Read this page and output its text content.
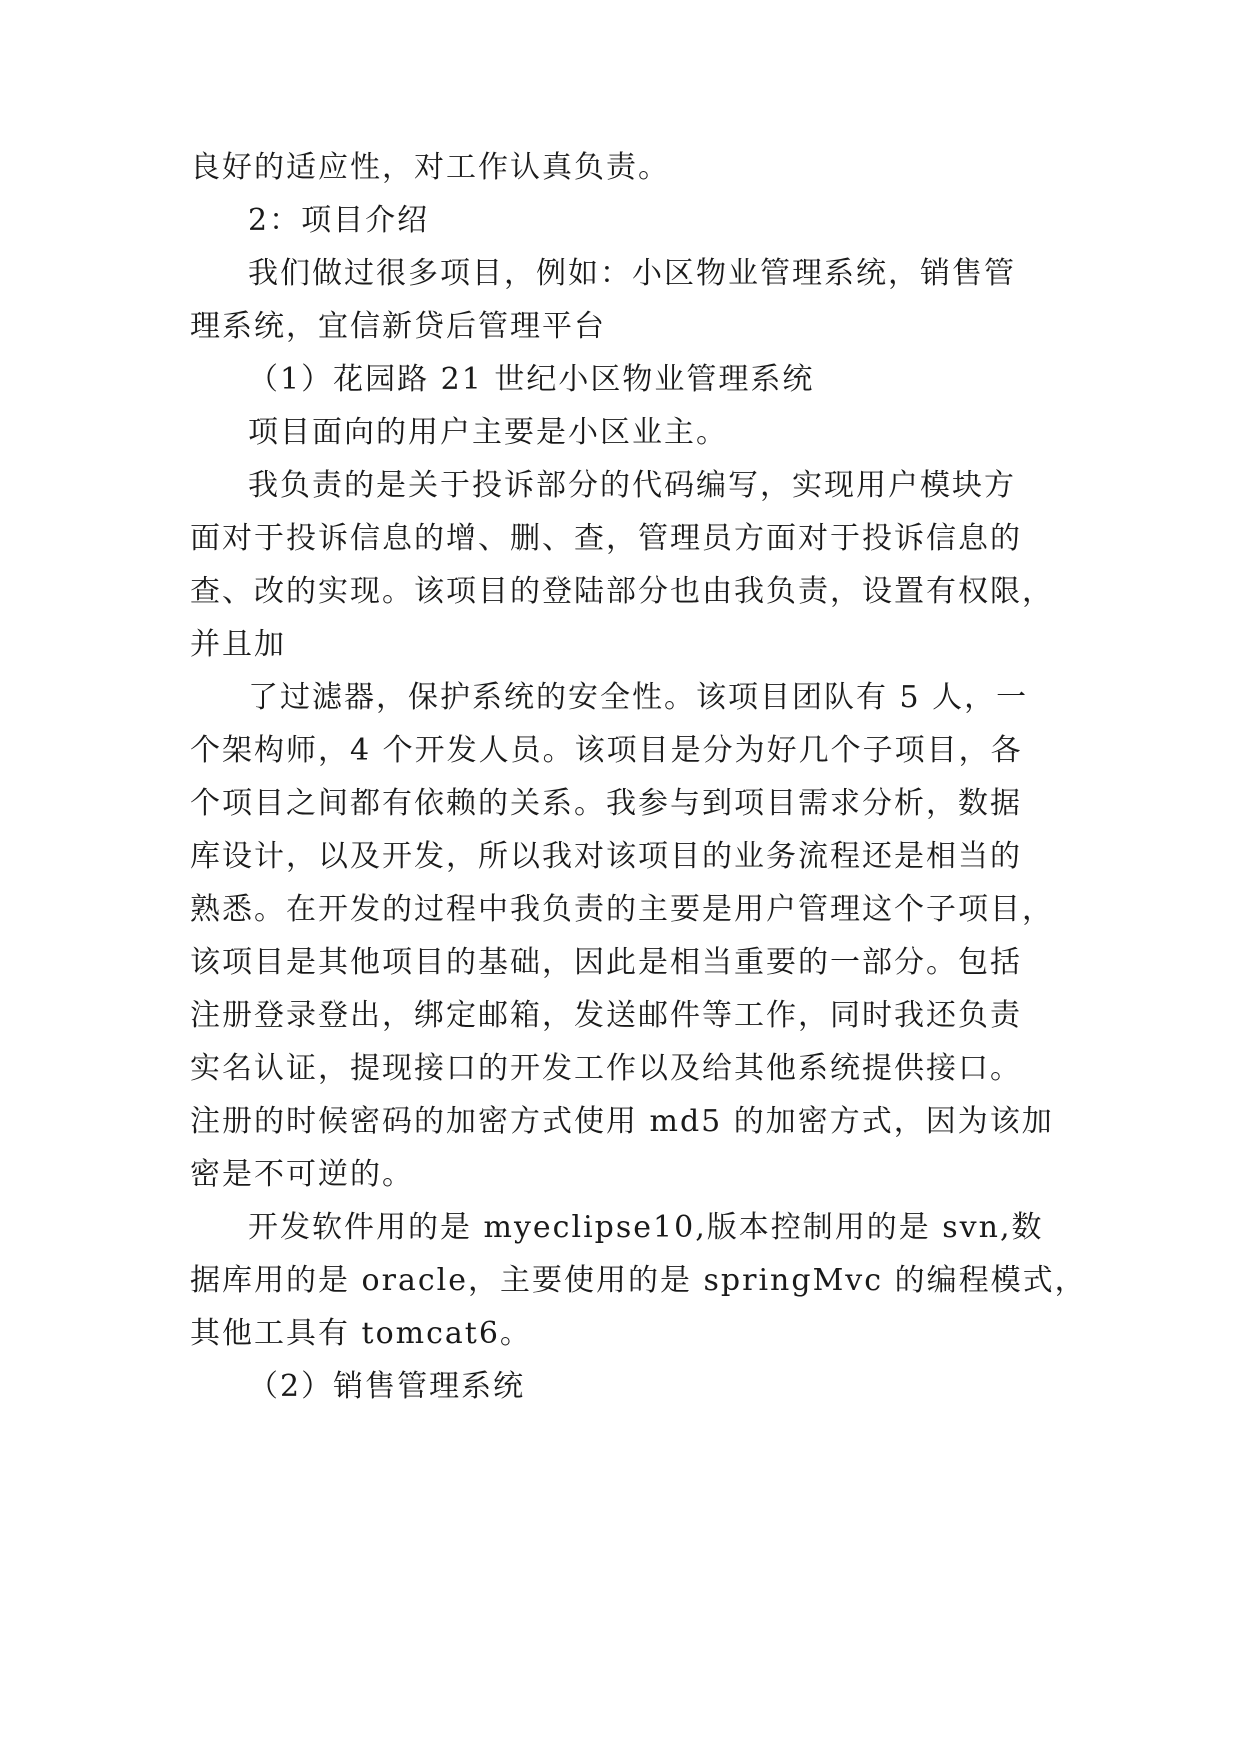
良好的适应性，对工作认真负责。
2：项目介绍
我们做过很多项目，例如：小区物业管理系统，销售管
理系统，宜信新贷后管理平台
（1）花园路 21 世纪小区物业管理系统
项目面向的用户主要是小区业主。
我负责的是关于投诉部分的代码编写，实现用户模块方
面对于投诉信息的增、删、查，管理员方面对于投诉信息的
查、改的实现。该项目的登陆部分也由我负责，设置有权限，
并且加
了过滤器，保护系统的安全性。该项目团队有 5 人，一
个架构师，4 个开发人员。该项目是分为好几个子项目，各
个项目之间都有依赖的关系。我参与到项目需求分析，数据
库设计，以及开发，所以我对该项目的业务流程还是相当的
熟悉。在开发的过程中我负责的主要是用户管理这个子项目，
该项目是其他项目的基础，因此是相当重要的一部分。包括
注册登录登出，绑定邮箱，发送邮件等工作，同时我还负责
实名认证，提现接口的开发工作以及给其他系统提供接口。
注册的时候密码的加密方式使用 md5 的加密方式，因为该加
密是不可逆的。
开发软件用的是 myeclipse10,版本控制用的是 svn,数
据库用的是 oracle，主要使用的是 springMvc 的编程模式，
其他工具有 tomcat6。
（2）销售管理系统
